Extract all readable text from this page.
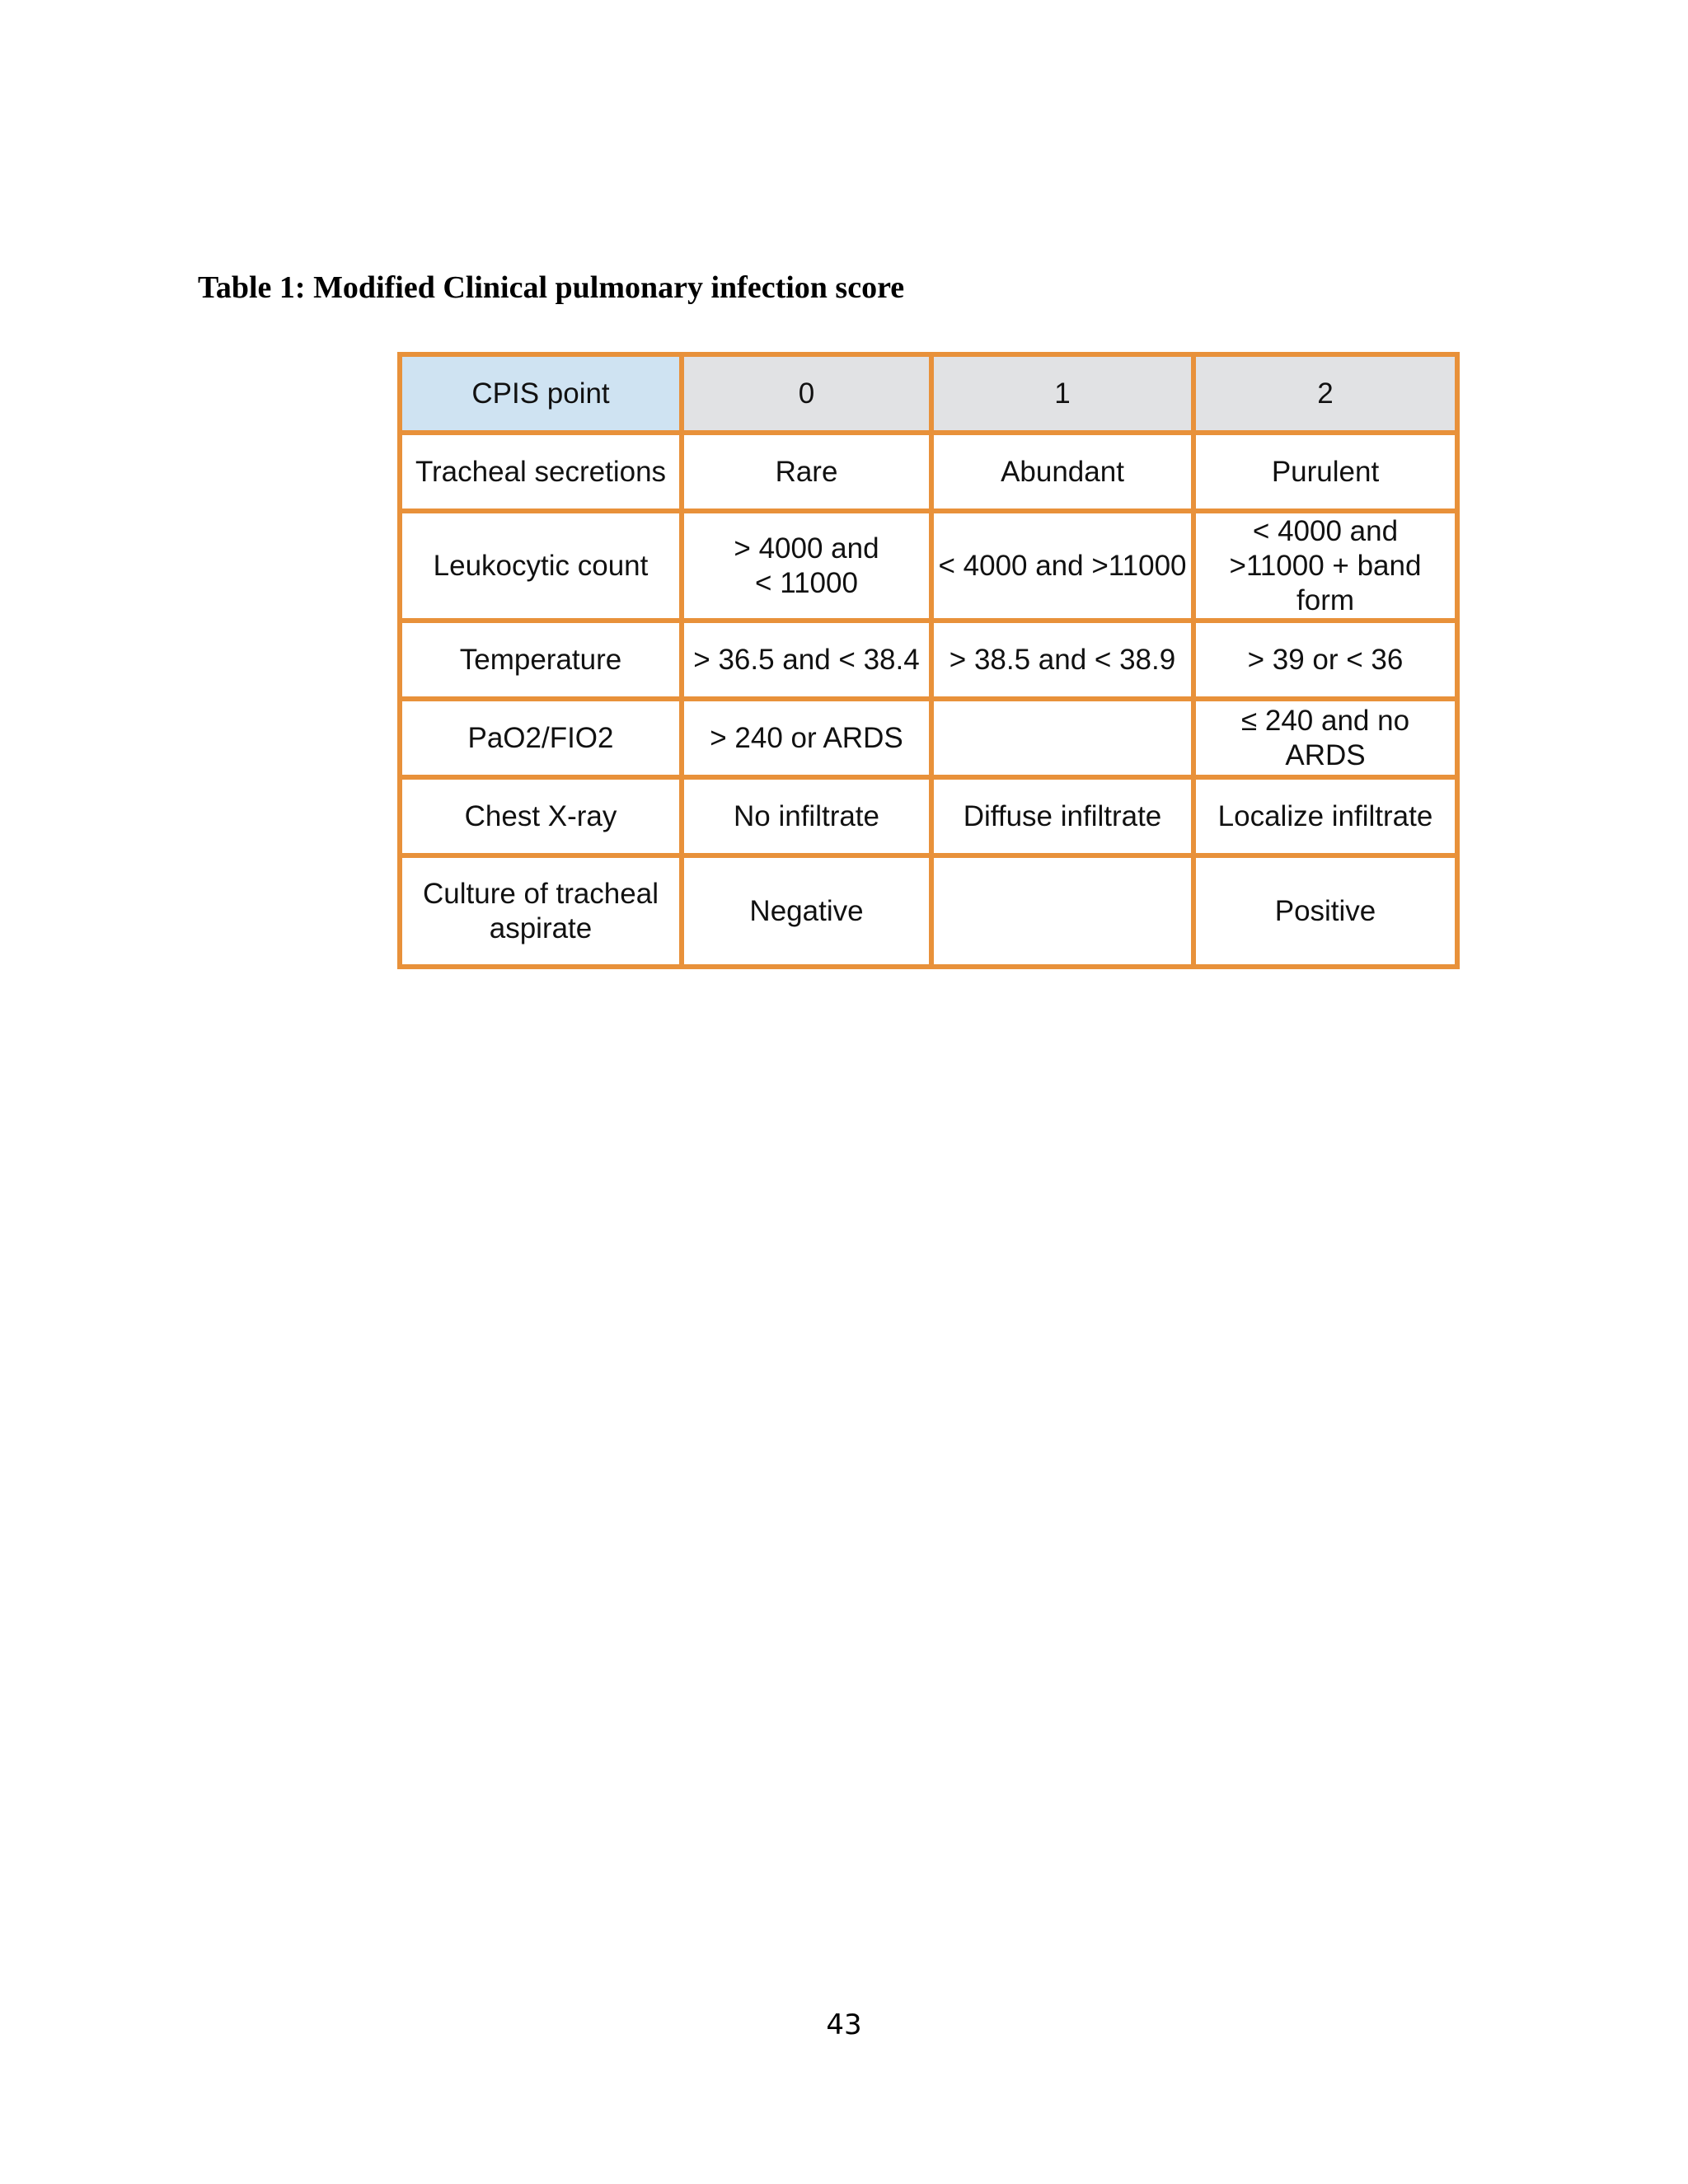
Table 1: Modified Clinical pulmonary infection score
CPIS point	0	1	2
Tracheal secretions	Rare	Abundant	Purulent
Leukocytic count	> 4000 and < 11000	< 4000 and >11000	< 4000 and >11000 + band form
Temperature	> 36.5 and < 38.4	> 38.5 and < 38.9	> 39 or < 36
PaO2/FIO2	> 240 or ARDS		≤ 240 and no ARDS
Chest X-ray	No infiltrate	Diffuse infiltrate	Localize infiltrate
Culture of tracheal aspirate	Negative		Positive
43
